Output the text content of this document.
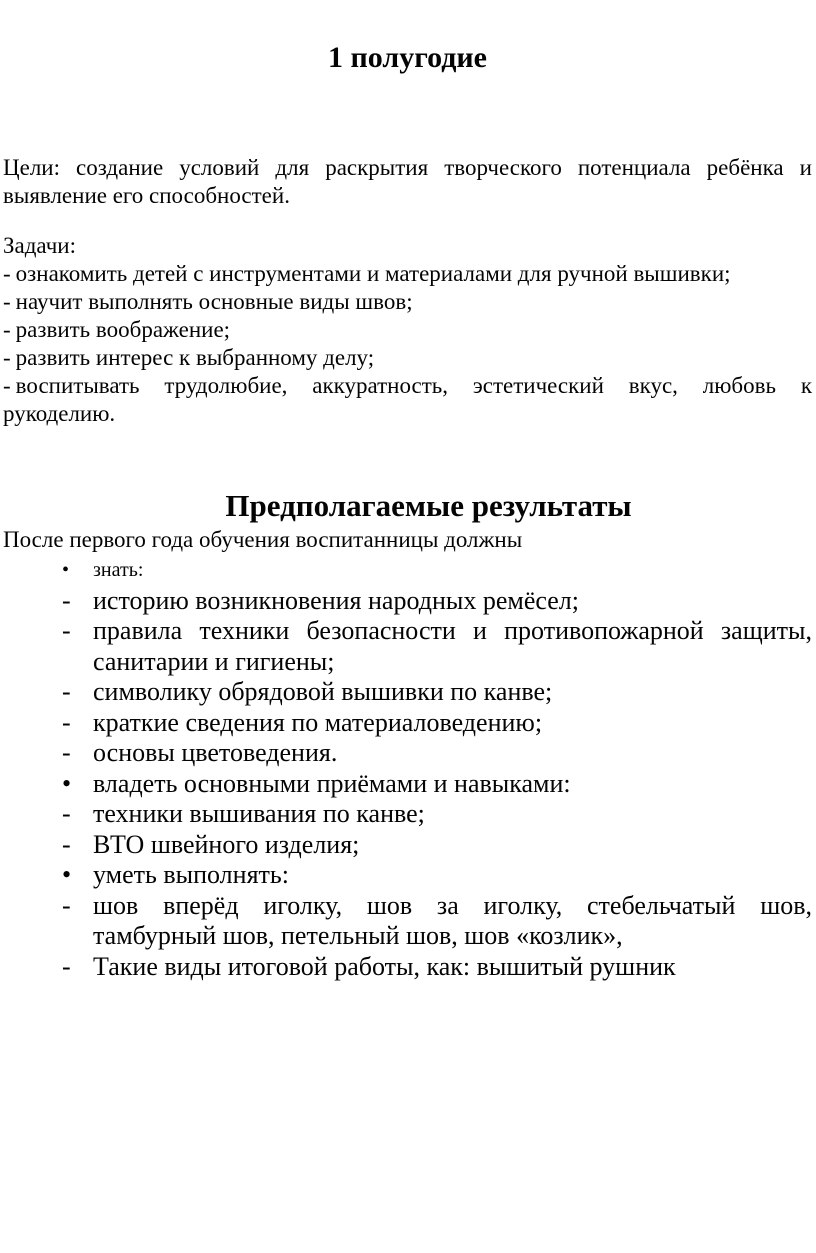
1 полугодие

Цели: создание условий для раскрытия творческого потенциала ребёнка и выявление его способностей.

Задачи:

- ознакомить детей с инструментами и материалами для ручной вышивки;

- научит выполнять основные виды швов;

- развить воображение;

- развить интерес к выбранному делу;

- воспитывать трудолюбие, аккуратность, эстетический вкус, любовь к рукоделию.

Предполагаемые результаты

После первого года обучения воспитанницы должны

• знать:
- историю возникновения народных ремёсел;
- правила техники безопасности и противопожарной защиты, санитарии и гигиены;
- символику обрядовой вышивки по канве;
- краткие сведения по материаловедению;
- основы цветоведения.
• владеть основными приёмами и навыками:
- техники вышивания по канве;
- ВТО швейного изделия;
• уметь выполнять:
- шов вперёд иголку, шов за иголку, стебельчатый шов, тамбурный шов, петельный шов, шов «козлик»,
- Такие виды итоговой работы, как: вышитый рушник
